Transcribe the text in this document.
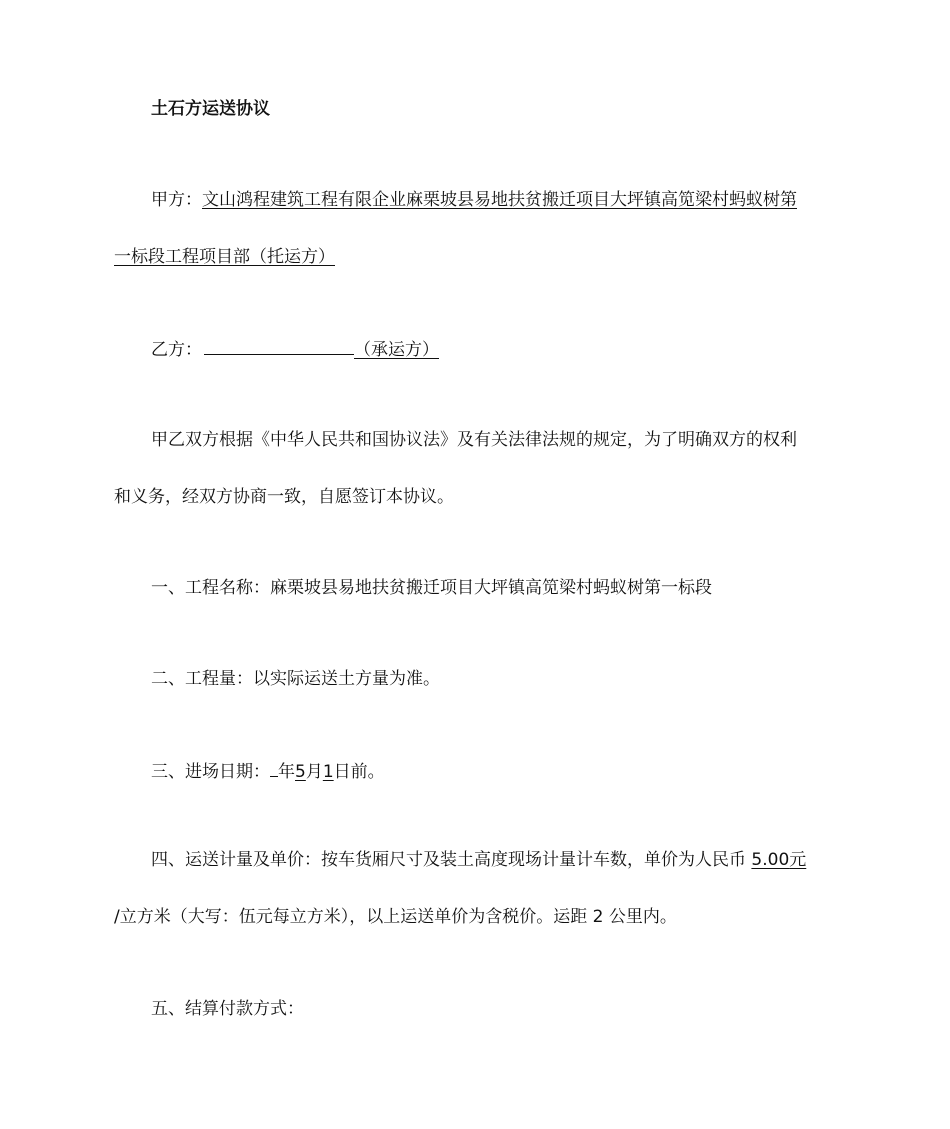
土石方运送协议
甲方：文山鸿程建筑工程有限企业麻栗坡县易地扶贫搬迁项目大坪镇高笕梁村蚂蚁树第
一标段工程项目部（托运方）
乙方：	（承运方）
甲乙双方根据《中华人民共和国协议法》及有关法律法规的规定，为了明确双方的权利
和义务，经双方协商一致，自愿签订本协议。
一、工程名称：麻栗坡县易地扶贫搬迁项目大坪镇高笕梁村蚂蚁树第一标段
二、工程量：以实际运送土方量为准。
三、进场日期： 年5月1日前。
四、运送计量及单价：按车货厢尺寸及装土高度现场计量计车数，单价为人民币 5.00元
/立方米（大写：伍元每立方米），以上运送单价为含税价。运距 2 公里内。
五、结算付款方式：
